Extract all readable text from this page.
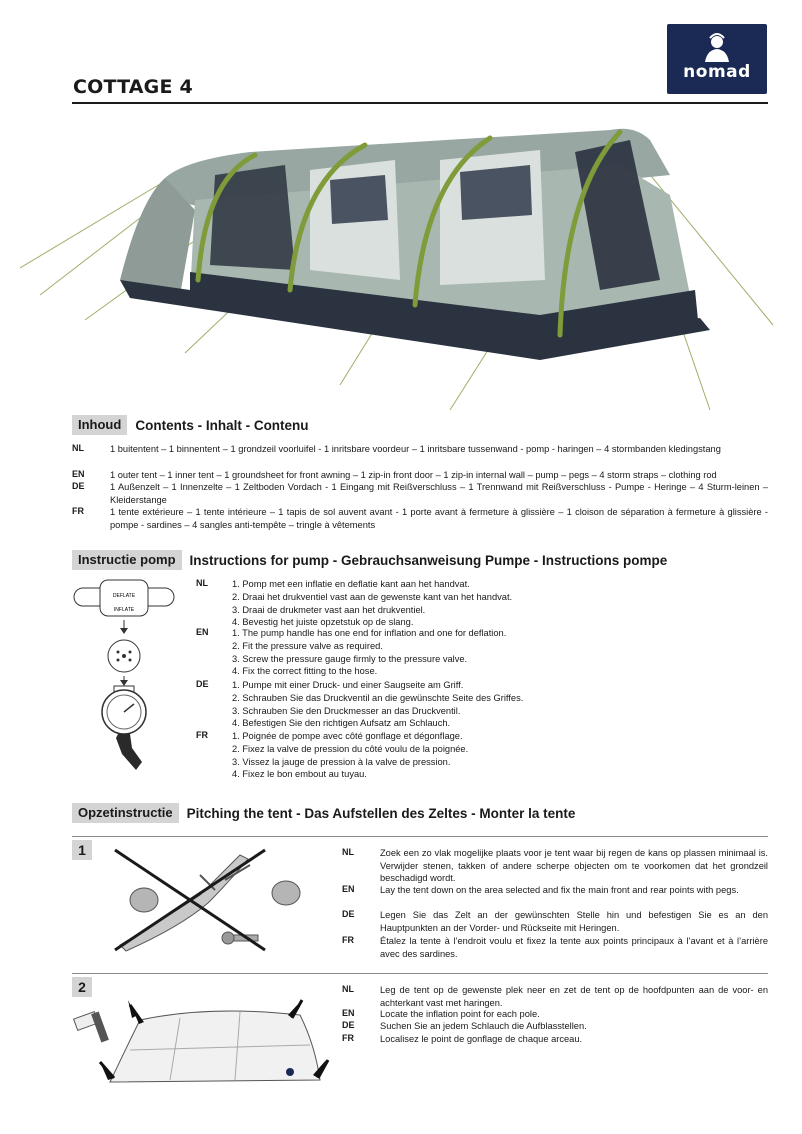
COTTAGE 4
nomad
Inhoud	Contents - Inhalt - Contenu
NL	1 buitentent – 1 binnentent – 1 grondzeil voorluifel - 1 inritsbare voordeur – 1 inritsbare tussenwand - pomp - haringen – 4 stormbanden kledingstang
EN	1 outer tent – 1 inner tent – 1 groundsheet for front awning – 1 zip-in front door – 1 zip-in internal wall – pump – pegs – 4 storm straps – clothing rod
DE	1 Außenzelt – 1 Innenzelte – 1 Zeltboden Vordach - 1 Eingang mit Reißverschluss – 1 Trennwand mit Reißverschluss - Pumpe - Heringe – 4 Sturm-leinen – Kleiderstange
FR	1 tente extérieure – 1 tente intérieure – 1 tapis de sol auvent avant - 1 porte avant à fermeture à glissière – 1 cloison de séparation à fermeture à glissière - pompe - sardines – 4 sangles anti-tempête – tringle à vêtements
Instructie pomp	Instructions for pump - Gebrauchsanweisung Pumpe - Instructions pompe
DEFLATE
INFLATE
NL	1. Pomp met een inflatie en deflatie kant aan het handvat.
2. Draai het drukventiel vast aan de gewenste kant van het handvat.
3. Draai de drukmeter vast aan het drukventiel.
4. Bevestig het juiste opzetstuk op de slang.
EN	1. The pump handle has one end for inflation and one for deflation.
2. Fit the pressure valve as required.
3. Screw the pressure gauge firmly to the pressure valve.
4. Fix the correct fitting to the hose.
DE	1. Pumpe mit einer Druck- und einer Saugseite am Griff.
2. Schrauben Sie das Druckventil an die gewünschte Seite des Griffes.
3. Schrauben Sie den Druckmesser an das Druckventil.
4. Befestigen Sie den richtigen Aufsatz am Schlauch.
FR	1. Poignée de pompe avec côté gonflage et dégonflage.
2. Fixez la valve de pression du côté voulu de la poignée.
3. Vissez la jauge de pression à la valve de pression.
4. Fixez le bon embout au tuyau.
Opzetinstructie	Pitching the tent - Das Aufstellen des Zeltes - Monter la tente
1	NL	Zoek een zo vlak mogelijke plaats voor je tent waar bij regen de kans op plassen minimaal is. Verwijder stenen, takken of andere scherpe objecten om te voorkomen dat het grondzeil beschadigd wordt.
EN	Lay the tent down on the area selected and fix the main front and rear points with pegs.
DE	Legen Sie das Zelt an der gewünschten Stelle hin und befestigen Sie es an den Hauptpunkten an der Vorder- und Rückseite mit Heringen.
FR	Étalez la tente à l’endroit voulu et fixez la tente aux points principaux à l’avant et à l’arrière avec des sardines.
2	NL	Leg de tent op de gewenste plek neer en zet de tent op de hoofdpunten aan de voor- en achterkant vast met haringen.
EN	Locate the inflation point for each pole.
DE	Suchen Sie an jedem Schlauch die Aufblasstellen.
FR	Localisez le point de gonflage de chaque arceau.
